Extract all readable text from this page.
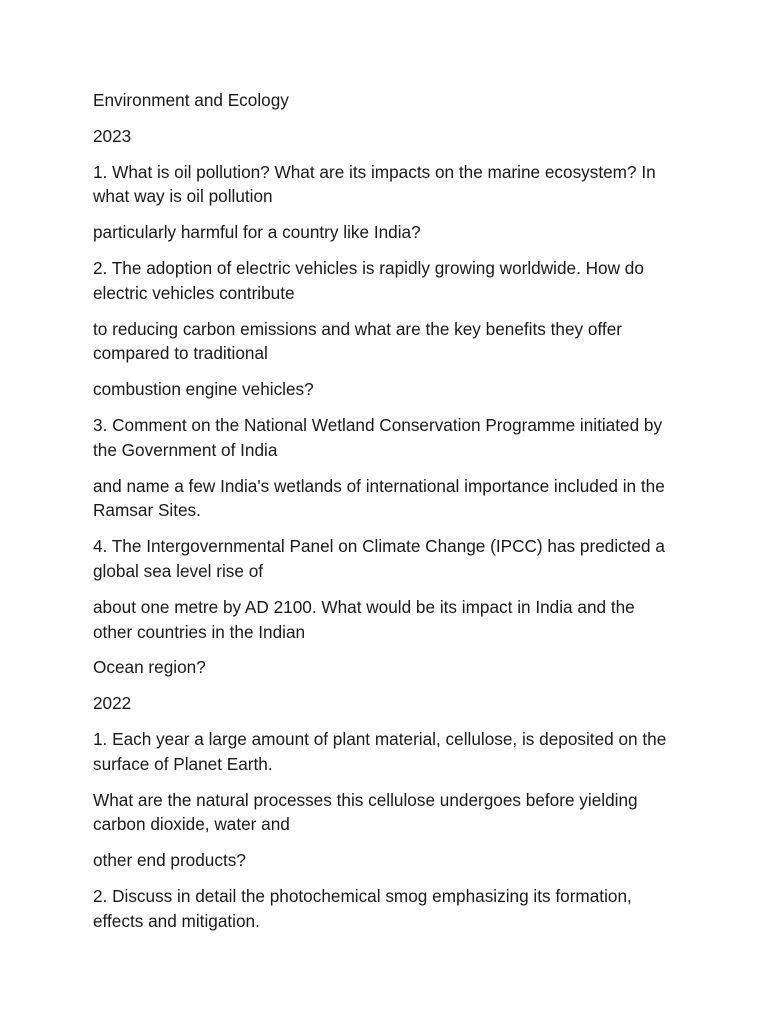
Environment and Ecology

2023

1. What is oil pollution? What are its impacts on the marine ecosystem? In what way is oil pollution

particularly harmful for a country like India?

2. The adoption of electric vehicles is rapidly growing worldwide. How do electric vehicles contribute

to reducing carbon emissions and what are the key benefits they offer compared to traditional

combustion engine vehicles?

3. Comment on the National Wetland Conservation Programme initiated by the Government of India

and name a few India's wetlands of international importance included in the Ramsar Sites.

4. The Intergovernmental Panel on Climate Change (IPCC) has predicted a global sea level rise of

about one metre by AD 2100. What would be its impact in India and the other countries in the Indian

Ocean region?

2022

1. Each year a large amount of plant material, cellulose, is deposited on the surface of Planet Earth.

What are the natural processes this cellulose undergoes before yielding carbon dioxide, water and

other end products?

2. Discuss in detail the photochemical smog emphasizing its formation, effects and mitigation.
